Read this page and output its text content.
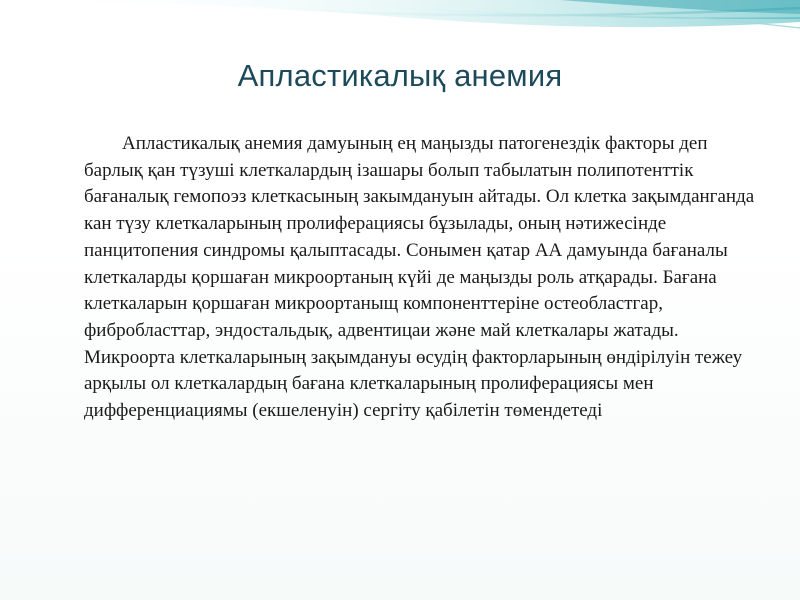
Апластикалық анемия

Апластикалық анемия дамуының ең маңызды патогенездік факторы деп барлық қан түзуші клеткалардың ізашары болып табылатын полипотенттік бағаналық гемопоэз клеткасының закымдануын айтады. Ол клетка зақымданганда кан түзу клеткаларының пролиферациясы бұзылады, оның нәтижесінде панцитопения синдромы қалыптасады. Сонымен қатар АА дамуында бағаналы клеткаларды қоршаған микроортаның күйі де маңызды роль атқарады. Бағана клеткаларын қоршаған микроортаныщ компоненттеріне остеобластгар, фибробласттар, эндостальдық, адвентицаи және май клеткалары жатады. Микроорта клеткаларының зақымдануы өсудің факторларының өндірілуін тежеу арқылы ол клеткалардың бағана клеткаларының пролиферациясы мен дифференциациямы (екшеленуін) сергіту қабілетін төмендетеді
